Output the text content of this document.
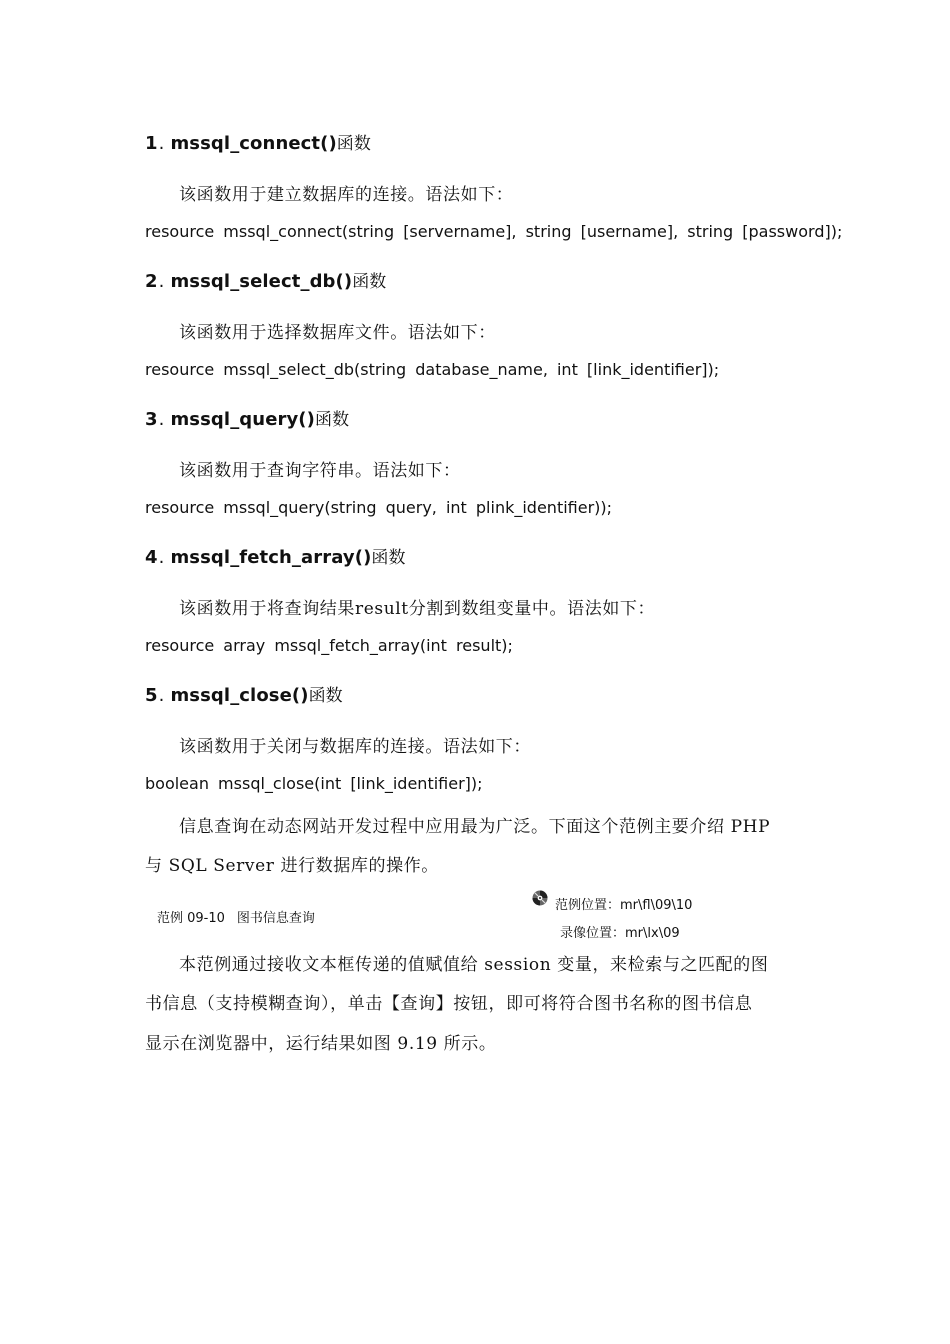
1. mssql_connect()函数
该函数用于建立数据库的连接。语法如下：
resource mssql_connect(string [servername], string [username], string [password]);
2. mssql_select_db()函数
该函数用于选择数据库文件。语法如下：
resource mssql_select_db(string database_name, int [link_identifier]);
3. mssql_query()函数
该函数用于查询字符串。语法如下：
resource mssql_query(string query, int plink_identifier));
4. mssql_fetch_array()函数
该函数用于将查询结果result分割到数组变量中。语法如下：
resource array mssql_fetch_array(int result);
5. mssql_close()函数
该函数用于关闭与数据库的连接。语法如下：
boolean mssql_close(int [link_identifier]);
信息查询在动态网站开发过程中应用最为广泛。下面这个范例主要介绍 PHP
与 SQL Server 进行数据库的操作。
范例 09-10 图书信息查询
范例位置：mr\fl\09\10
录像位置：mr\lx\09
本范例通过接收文本框传递的值赋值给 session 变量，来检索与之匹配的图
书信息（支持模糊查询），单击【查询】按钮，即可将符合图书名称的图书信息
显示在浏览器中，运行结果如图 9.19 所示。
